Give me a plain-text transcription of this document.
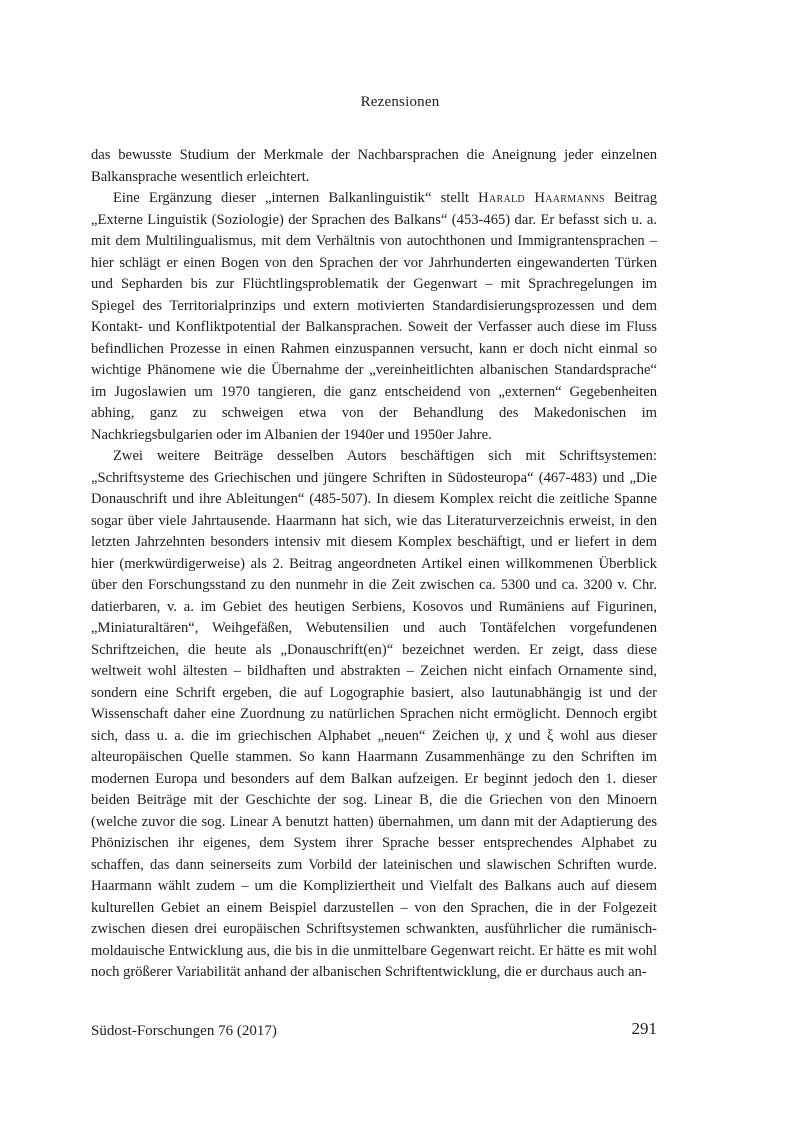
Rezensionen

das bewusste Studium der Merkmale der Nachbarsprachen die Aneignung jeder einzelnen Balkansprache wesentlich erleichtert.

Eine Ergänzung dieser „internen Balkanlinguistik“ stellt Harald Haarmanns Beitrag „Externe Linguistik (Soziologie) der Sprachen des Balkans“ (453-465) dar. Er befasst sich u. a. mit dem Multilingualismus, mit dem Verhältnis von autochthonen und Immigrantensprachen – hier schlägt er einen Bogen von den Sprachen der vor Jahrhunderten eingewanderten Türken und Sepharden bis zur Flüchtlingsproblematik der Gegenwart – mit Sprachregelungen im Spiegel des Territorialprinzips und extern motivierten Standardisierungsprozessen und dem Kontakt- und Konfliktpotential der Balkansprachen. Soweit der Verfasser auch diese im Fluss befindlichen Prozesse in einen Rahmen einzuspannen versucht, kann er doch nicht einmal so wichtige Phänomene wie die Übernahme der „vereinheitlichten albanischen Standardsprache“ im Jugoslawien um 1970 tangieren, die ganz entscheidend von „externen“ Gegebenheiten abhing, ganz zu schweigen etwa von der Behandlung des Makedonischen im Nachkriegsbulgarien oder im Albanien der 1940er und 1950er Jahre.

Zwei weitere Beiträge desselben Autors beschäftigen sich mit Schriftsystemen: „Schriftsysteme des Griechischen und jüngere Schriften in Südosteuropa“ (467-483) und „Die Donauschrift und ihre Ableitungen“ (485-507). In diesem Komplex reicht die zeitliche Spanne sogar über viele Jahrtausende. Haarmann hat sich, wie das Literaturverzeichnis erweist, in den letzten Jahrzehnten besonders intensiv mit diesem Komplex beschäftigt, und er liefert in dem hier (merkwürdigerweise) als 2. Beitrag angeordneten Artikel einen willkommenen Überblick über den Forschungsstand zu den nunmehr in die Zeit zwischen ca. 5300 und ca. 3200 v. Chr. datierbaren, v. a. im Gebiet des heutigen Serbiens, Kosovos und Rumäniens auf Figurinen, „Miniaturaltären“, Weihgefäßen, Webutensilien und auch Tontäfelchen vorgefundenen Schriftzeichen, die heute als „Donauschrift(en)“ bezeichnet werden. Er zeigt, dass diese weltweit wohl ältesten – bildhaften und abstrakten – Zeichen nicht einfach Ornamente sind, sondern eine Schrift ergeben, die auf Logographie basiert, also lautunabhängig ist und der Wissenschaft daher eine Zuordnung zu natürlichen Sprachen nicht ermöglicht. Dennoch ergibt sich, dass u. a. die im griechischen Alphabet „neuen“ Zeichen ψ, χ und ξ wohl aus dieser alteuropäischen Quelle stammen. So kann Haarmann Zusammenhänge zu den Schriften im modernen Europa und besonders auf dem Balkan aufzeigen. Er beginnt jedoch den 1. dieser beiden Beiträge mit der Geschichte der sog. Linear B, die die Griechen von den Minoern (welche zuvor die sog. Linear A benutzt hatten) übernahmen, um dann mit der Adaptierung des Phönizischen ihr eigenes, dem System ihrer Sprache besser entsprechendes Alphabet zu schaffen, das dann seinerseits zum Vorbild der lateinischen und slawischen Schriften wurde. Haarmann wählt zudem – um die Kompliziertheit und Vielfalt des Balkans auch auf diesem kulturellen Gebiet an einem Beispiel darzustellen – von den Sprachen, die in der Folgezeit zwischen diesen drei europäischen Schriftsystemen schwankten, ausführlicher die rumänisch-moldauische Entwicklung aus, die bis in die unmittelbare Gegenwart reicht. Er hätte es mit wohl noch größerer Variabilität anhand der albanischen Schriftentwicklung, die er durchaus auch an-

Südost-Forschungen 76 (2017)	291
